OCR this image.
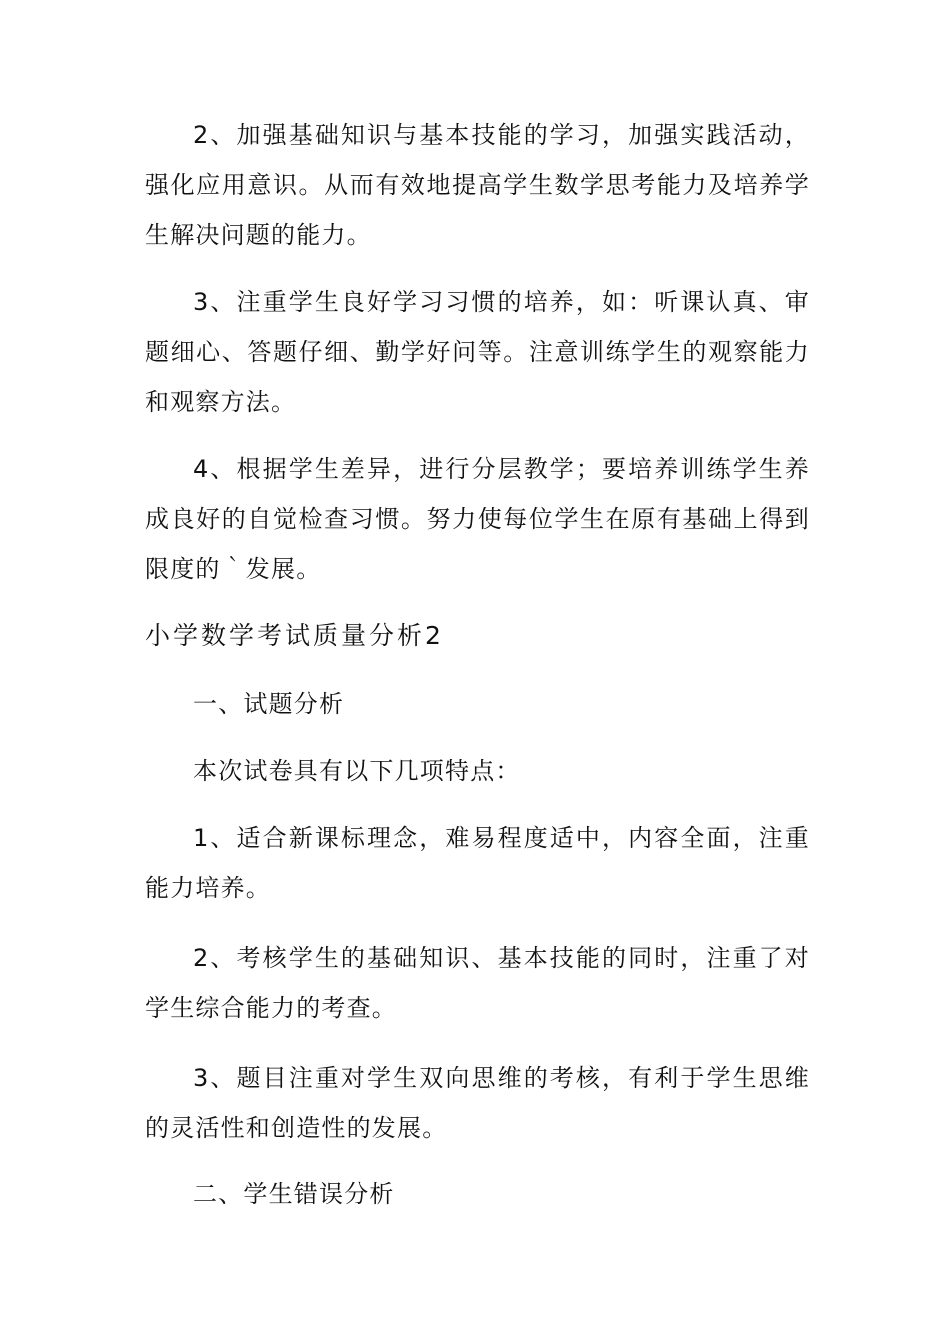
2、加强基础知识与基本技能的学习，加强实践活动，强化应用意识。从而有效地提高学生数学思考能力及培养学生解决问题的能力。

3、注重学生良好学习习惯的培养，如：听课认真、审题细心、答题仔细、勤学好问等。注意训练学生的观察能力和观察方法。

4、根据学生差异，进行分层教学；要培养训练学生养成良好的自觉检查习惯。努力使每位学生在原有基础上得到限度的｀发展。

小学数学考试质量分析2

一、试题分析

本次试卷具有以下几项特点：

1、适合新课标理念，难易程度适中，内容全面，注重能力培养。

2、考核学生的基础知识、基本技能的同时，注重了对学生综合能力的考查。

3、题目注重对学生双向思维的考核，有利于学生思维的灵活性和创造性的发展。

二、学生错误分析
